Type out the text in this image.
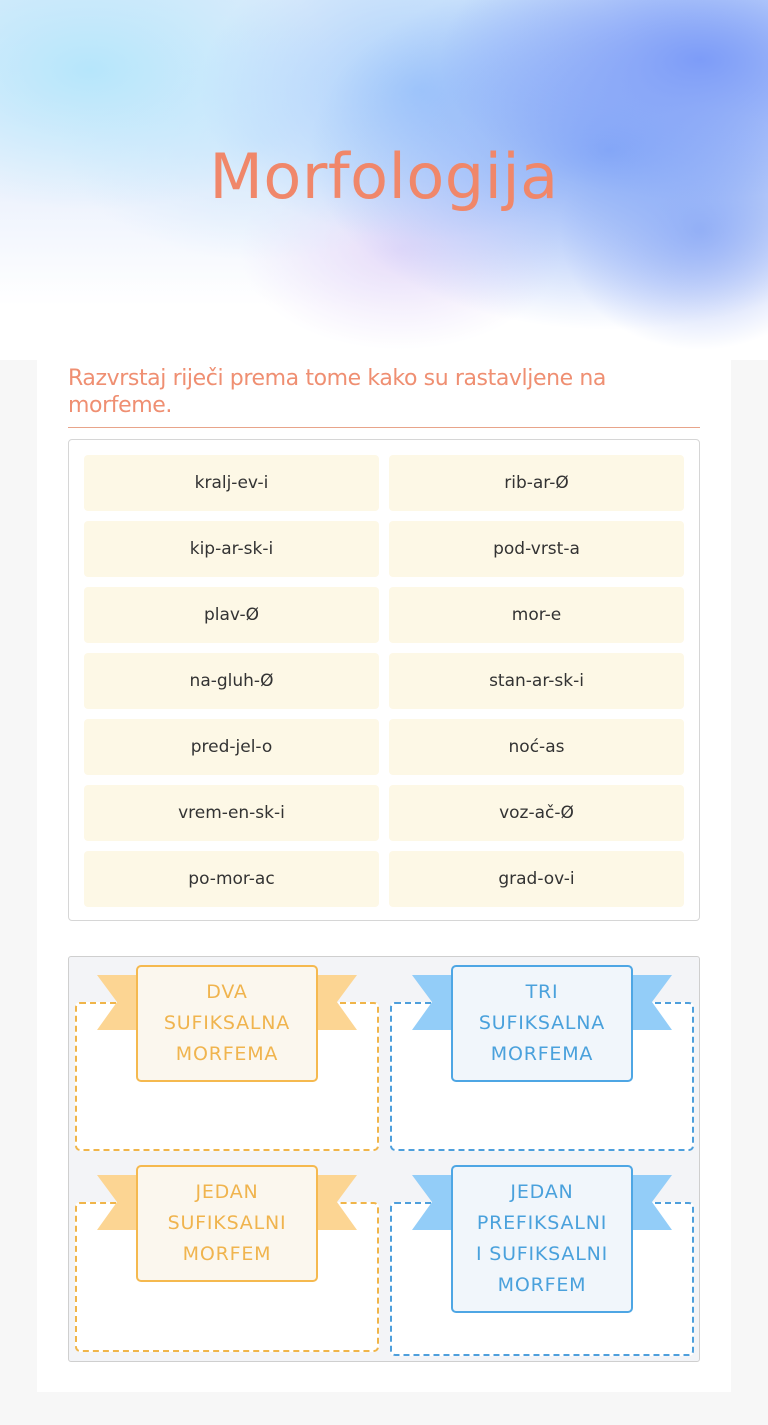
Morfologija
Razvrstaj riječi prema tome kako su rastavljene na morfeme.
kralj-ev-i	rib-ar-Ø
kip-ar-sk-i	pod-vrst-a
plav-Ø	mor-e
na-gluh-Ø	stan-ar-sk-i
pred-jel-o	noć-as
vrem-en-sk-i	voz-ač-Ø
po-mor-ac	grad-ov-i
DVA
SUFIKSALNA
MORFEMA
TRI
SUFIKSALNA
MORFEMA
JEDAN
SUFIKSALNI
MORFEM
JEDAN
PREFIKSALNI
I SUFIKSALNI
MORFEM
